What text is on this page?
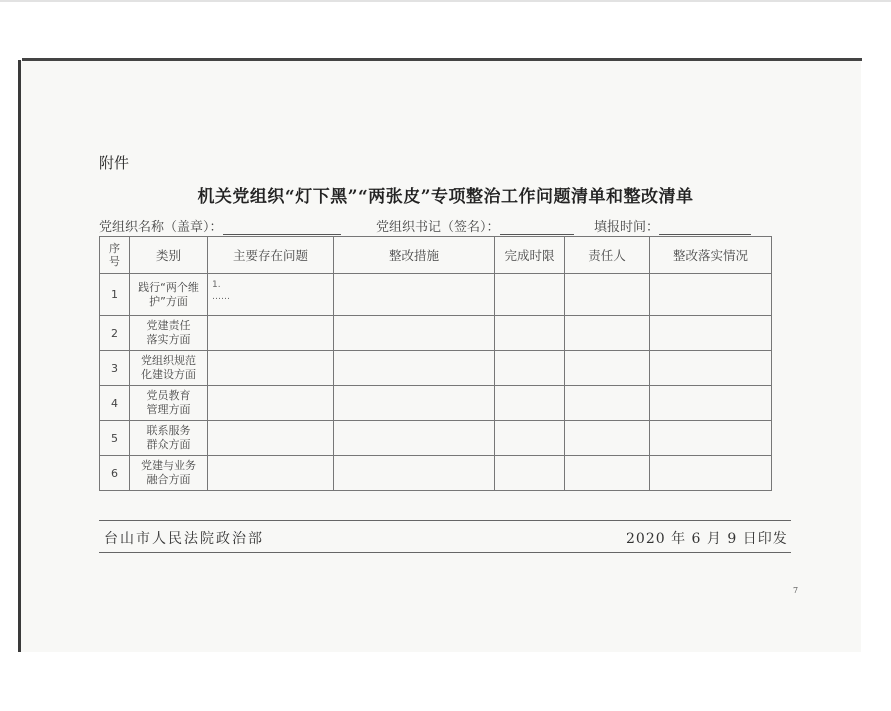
附件
机关党组织“灯下黑”“两张皮”专项整治工作问题清单和整改清单
党组织名称（盖章）：	党组织书记（签名）：	填报时间：
序号	类别	主要存在问题	整改措施	完成时限	责任人	整改落实情况
1	践行“两个维护”方面	1.
……				
2	党建责任落实方面					
3	党组织规范化建设方面					
4	党员教育管理方面					
5	联系服务群众方面					
6	党建与业务融合方面					
台山市人民法院政治部	2020 年 6 月 9 日印发
7
